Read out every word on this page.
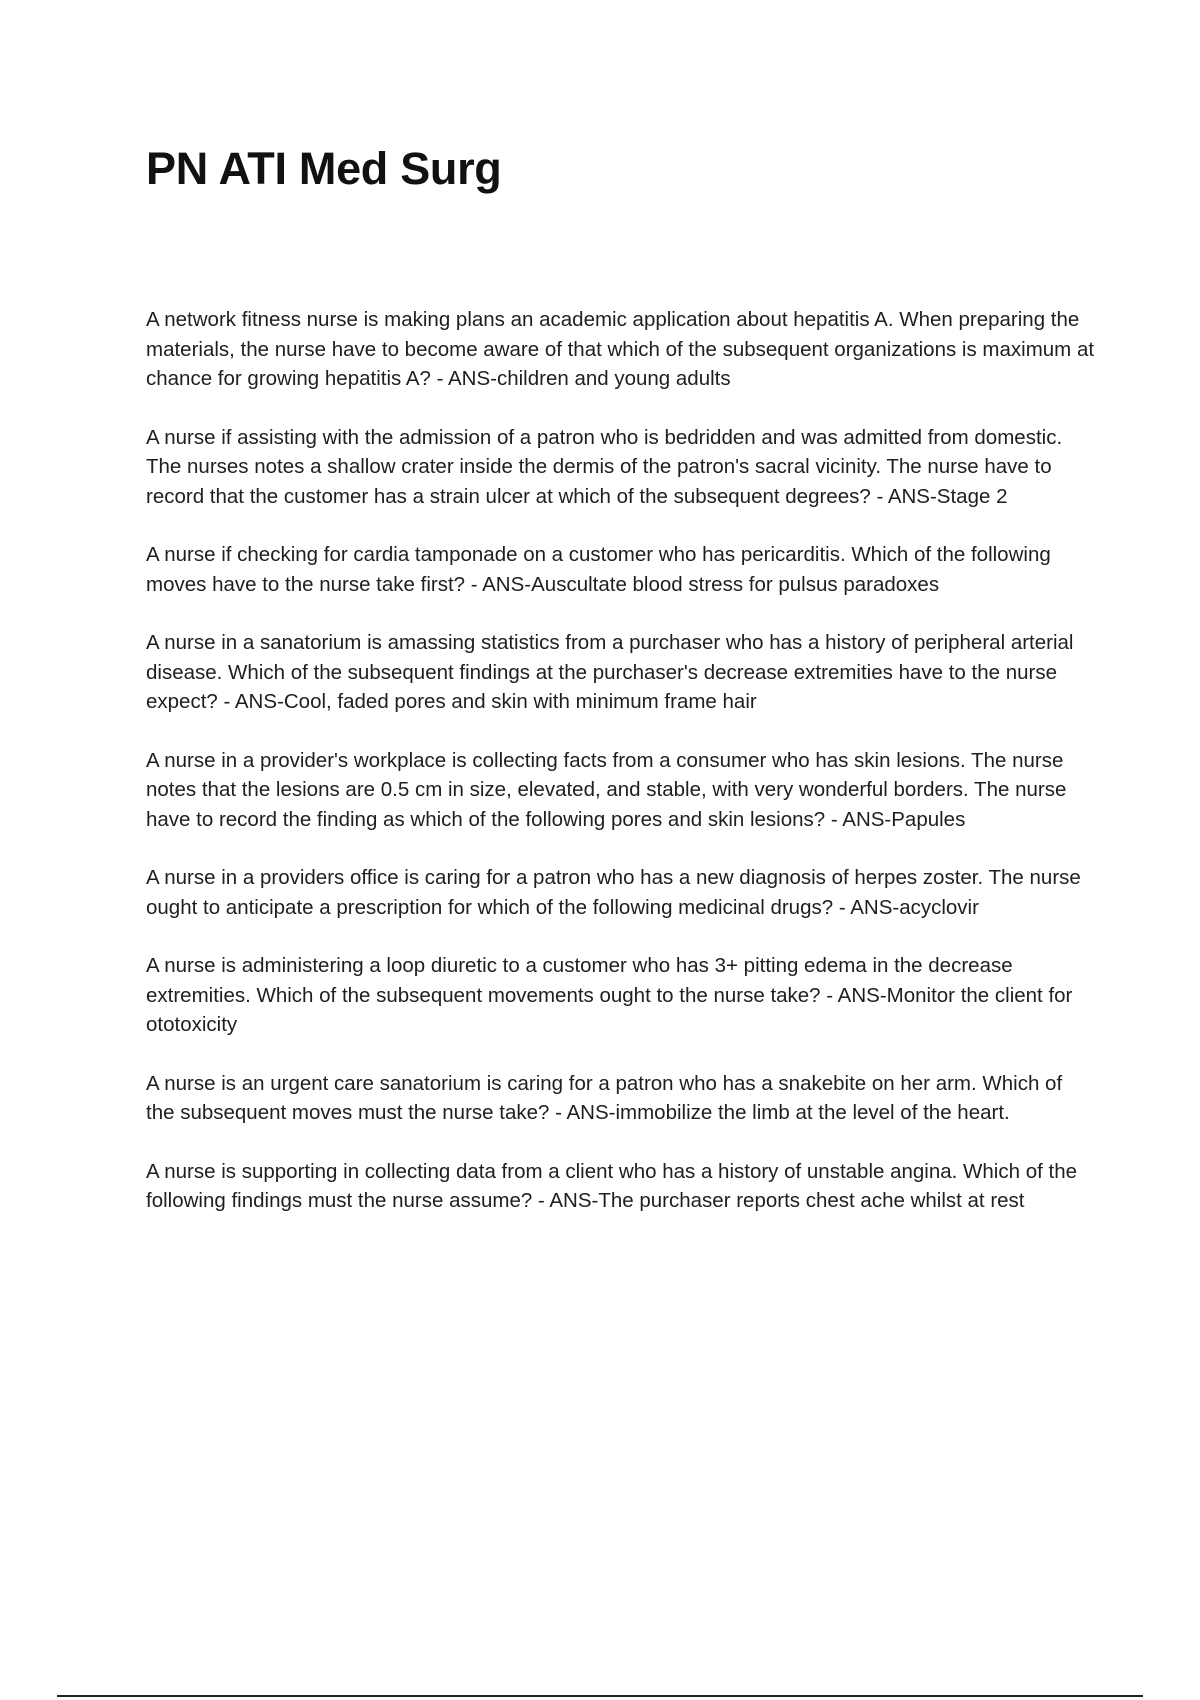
PN ATI Med Surg

A network fitness nurse is making plans an academic application about hepatitis A. When preparing the materials, the nurse have to become aware of that which of the subsequent organizations is maximum at chance for growing hepatitis A? - ANS-children and young adults

A nurse if assisting with the admission of a patron who is bedridden and was admitted from domestic. The nurses notes a shallow crater inside the dermis of the patron's sacral vicinity. The nurse have to record that the customer has a strain ulcer at which of the subsequent degrees? - ANS-Stage 2

A nurse if checking for cardia tamponade on a customer who has pericarditis. Which of the following moves have to the nurse take first? - ANS-Auscultate blood stress for pulsus paradoxes

A nurse in a sanatorium is amassing statistics from a purchaser who has a history of peripheral arterial disease. Which of the subsequent findings at the purchaser's decrease extremities have to the nurse expect? - ANS-Cool, faded pores and skin with minimum frame hair

A nurse in a provider's workplace is collecting facts from a consumer who has skin lesions. The nurse notes that the lesions are 0.5 cm in size, elevated, and stable, with very wonderful borders. The nurse have to record the finding as which of the following pores and skin lesions? - ANS-Papules

A nurse in a providers office is caring for a patron who has a new diagnosis of herpes zoster. The nurse ought to anticipate a prescription for which of the following medicinal drugs? - ANS-acyclovir

A nurse is administering a loop diuretic to a customer who has 3+ pitting edema in the decrease extremities. Which of the subsequent movements ought to the nurse take? - ANS-Monitor the client for ototoxicity

A nurse is an urgent care sanatorium is caring for a patron who has a snakebite on her arm. Which of the subsequent moves must the nurse take? - ANS-immobilize the limb at the level of the heart.

A nurse is supporting in collecting data from a client who has a history of unstable angina. Which of the following findings must the nurse assume? - ANS-The purchaser reports chest ache whilst at rest
